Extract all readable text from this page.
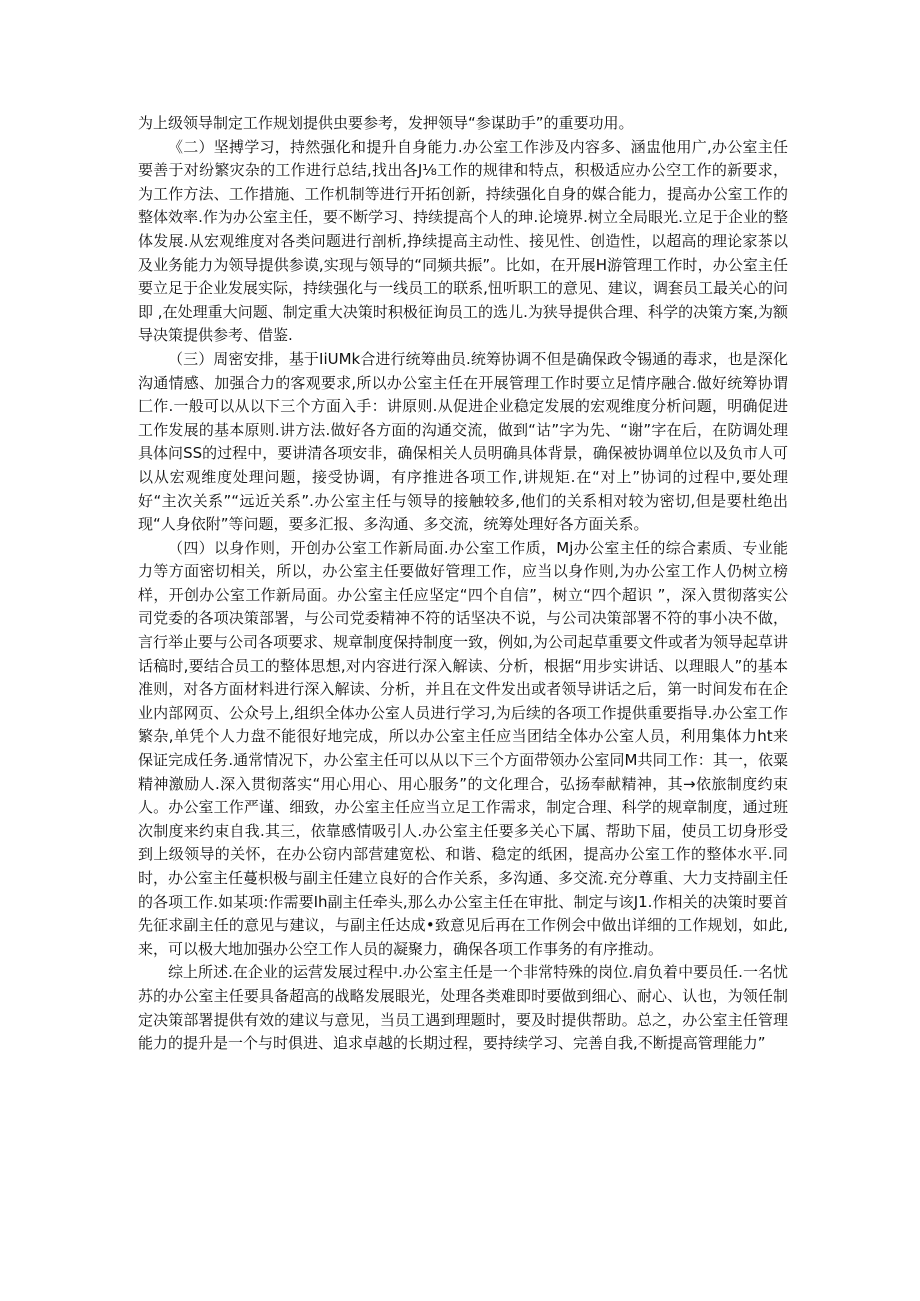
为上级领导制定工作规划提供虫要参考，发押领导“参谋助手”的重要功用。

《二）坚搏学习，持然强化和提升自身能力.办公室工作涉及内容多、涵盅他用广,办公室主任要善于对纷繁灾杂的工作进行总结,找出各J⅛工作的规律和特点，积极适应办公空工作的新要求，为工作方法、工作措施、工作机制等进行开拓创新，持续强化自身的媒合能力，提高办公室工作的整体效率.作为办公室主任，要不断学习、持续提高个人的珅.论境界.树立全局眼光.立足于企业的整体发展.从宏观维度对各类问题进行剖析,挣续提高主动性、接见性、创造性，以超高的理论家茶以及业务能力为领导提供参谟,实现与领导的“同频共振”。比如，在开展H游管理工作时，办公室主任要立足于企业发展实际，持续强化与一线员工的联系,忸听职工的意见、建议，调套员工最关心的问即 ,在处理重大问题、制定重大决策时积极征询员工的选儿.为狭导提供合理、科学的决策方案,为额导决策提供参考、借鉴.

（三）周密安排，基于IiUMk合进行统筹曲员.统筹协调不但是确保政令锡通的毒求，也是深化沟通情感、加强合力的客观要求,所以办公室主任在开展管理工作时要立足情序融合.做好统筹协谓匚作.一般可以从以下三个方面入手：讲原则.从促进企业稳定发展的宏观维度分析问题，明确促进工作发展的基本原则.讲方法.做好各方面的沟通交流，做到“诂”字为先、“谢”字在后，在防调处理具体问SS的过程中，要讲清各项安非，确保相关人员明确具体背景，确保被协调单位以及负市人可以从宏观维度处理问题，接受协调，有序推进各项工作,讲规矩.在“对上”协词的过程中,要处理好“主次关系”“远近关系”.办公室主任与领导的接触较多,他们的关系相对较为密切,但是要杜绝出现“人身依附”等问题，要多汇报、多沟通、多交流，统筹处理好各方面关系。

（四）以身作则，开创办公室工作新局面.办公室工作质，Mj办公室主任的综合素质、专业能力等方面密切相关，所以，办公室主任要做好管理工作，应当以身作则,为办公室工作人仍树立榜样，开创办公室工作新局面。办公室主任应坚定“四个自信”，树立“四个超识 ”，深入贯彻落实公司党委的各项决策部署，与公司党委精神不符的话坚决不说，与公司决策部署不符的事小决不做，言行举止要与公司各项要求、规章制度保持制度一致，例如,为公司起草重要文件或者为领导起草讲话稿时,要结合员工的整体思想,对内容进行深入解读、分析，根据“用步实讲话、以理眼人”的基本准则，对各方面材料进行深入解读、分析，并且在文件发出或者领导讲话之后，第一时间发布在企业内部网页、公众号上,组织全体办公室人员进行学习,为后续的各项工作提供重要指导.办公室工作繁杂,单凭个人力盘不能很好地完成，所以办公室主任应当团结全体办公室人员，利用集体力ht来保证完成任务.通常情况下，办公室主任可以从以下三个方面带领办公室同M共同工作：其一，依粟精神激励人.深入贯彻落实“用心用心、用心服务”的文化理合，弘扬奉献精神，其→依旅制度约束人。办公室工作严谨、细致，办公室主任应当立足工作需求，制定合理、科学的规章制度，通过班次制度来约束自我.其三，依靠感情吸引人.办公室主任要多关心下属、帮助下届，使员工切身形受到上级领导的关怀，在办公窃内部营建宽松、和谐、稳定的纸困，提高办公室工作的整体水平.同时，办公室主任蔓枳极与副主任建立良好的合作关系，多沟通、多交流.充分尊重、大力支持副主任的各项工作.如某项:作需要Ih副主任牵头,那么办公室主任在审批、制定与该J1.作相关的决策时要首先征求副主任的意见与建议，与副主任达成•致意见后再在工作例会中做出详细的工作规划，如此,来，可以极大地加强办公空工作人员的凝聚力，确保各项工作事务的有序推动。

综上所述.在企业的运营发展过程中.办公室主任是一个非常特殊的岗位.肩负着中要员任.一名忧苏的办公室主任要具备超高的战略发展眼光，处理各类难即时要做到细心、耐心、认也，为领任制定决策部署提供有效的建议与意见，当员工遇到理题时，要及时提供帮助。总之，办公室主任管理能力的提升是一个与时俱进、追求卓越的长期过程，要持续学习、完善自我,不断提高管理能力”
